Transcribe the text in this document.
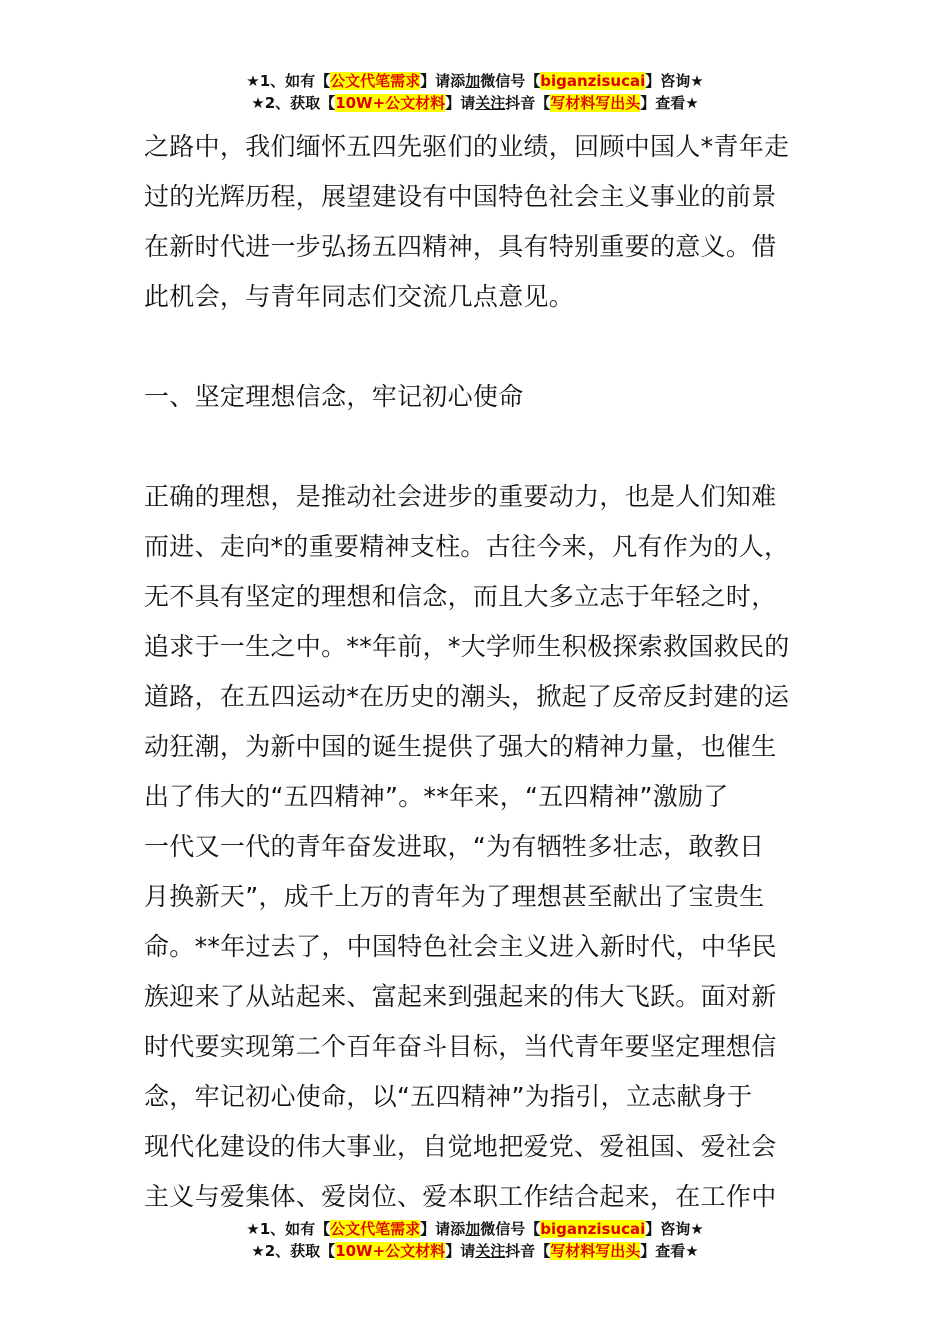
★1、如有【公文代笔需求】请添加微信号【biganzisucai】咨询★
★2、获取【10W+公文材料】请关注抖音【写材料写出头】查看★

之路中，我们缅怀五四先驱们的业绩，回顾中国人*青年走

过的光辉历程，展望建设有中国特色社会主义事业的前景

在新时代进一步弘扬五四精神，具有特别重要的意义。借

此机会，与青年同志们交流几点意见。

一、坚定理想信念，牢记初心使命

正确的理想，是推动社会进步的重要动力，也是人们知难

而进、走向*的重要精神支柱。古往今来，凡有作为的人，

无不具有坚定的理想和信念，而且大多立志于年轻之时，

追求于一生之中。**年前，*大学师生积极探索救国救民的

道路，在五四运动*在历史的潮头，掀起了反帝反封建的运

动狂潮，为新中国的诞生提供了强大的精神力量，也催生

出了伟大的“五四精神”。**年来，“五四精神”激励了

一代又一代的青年奋发进取，“为有牺牲多壮志，敢教日

月换新天”，成千上万的青年为了理想甚至献出了宝贵生

命。**年过去了，中国特色社会主义进入新时代，中华民

族迎来了从站起来、富起来到强起来的伟大飞跃。面对新

时代要实现第二个百年奋斗目标，当代青年要坚定理想信

念，牢记初心使命，以“五四精神”为指引，立志献身于

现代化建设的伟大事业，自觉地把爱党、爱祖国、爱社会

主义与爱集体、爱岗位、爱本职工作结合起来，在工作中

★1、如有【公文代笔需求】请添加微信号【biganzisucai】咨询★
★2、获取【10W+公文材料】请关注抖音【写材料写出头】查看★
